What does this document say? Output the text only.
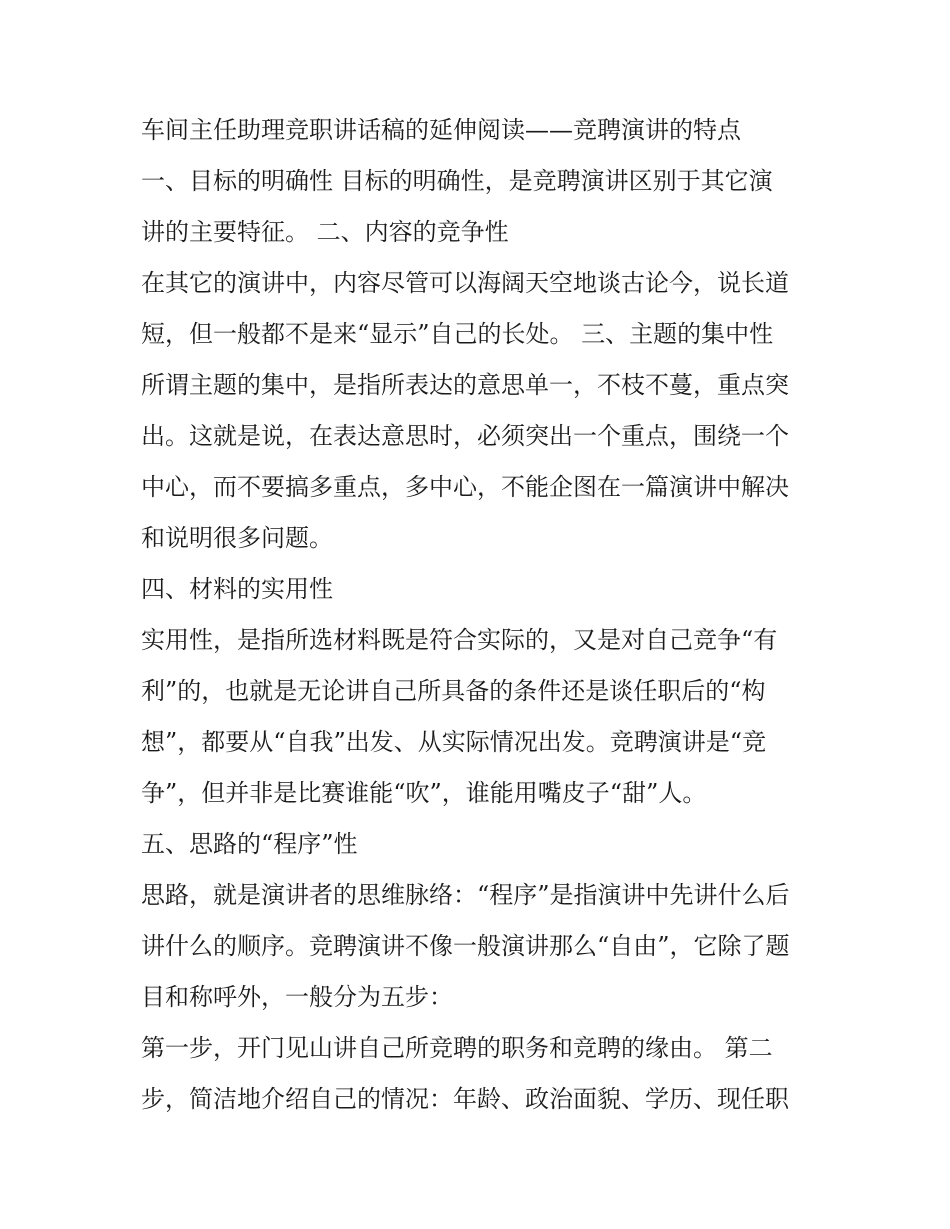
车间主任助理竞职讲话稿的延伸阅读——竞聘演讲的特点
一、目标的明确性 目标的明确性，是竞聘演讲区别于其它演
讲的主要特征。 二、内容的竞争性
在其它的演讲中，内容尽管可以海阔天空地谈古论今，说长道
短，但一般都不是来“显示”自己的长处。 三、主题的集中性
所谓主题的集中，是指所表达的意思单一，不枝不蔓，重点突
出。这就是说，在表达意思时，必须突出一个重点，围绕一个
中心，而不要搞多重点，多中心，不能企图在一篇演讲中解决
和说明很多问题。
四、材料的实用性
实用性，是指所选材料既是符合实际的，又是对自己竞争“有
利”的，也就是无论讲自己所具备的条件还是谈任职后的“构
想”，都要从“自我”出发、从实际情况出发。竞聘演讲是“竞
争”，但并非是比赛谁能“吹”，谁能用嘴皮子“甜”人。
五、思路的“程序”性
思路，就是演讲者的思维脉络：“程序”是指演讲中先讲什么后
讲什么的顺序。竞聘演讲不像一般演讲那么“自由”，它除了题
目和称呼外，一般分为五步：
第一步，开门见山讲自己所竞聘的职务和竞聘的缘由。 第二
步，简洁地介绍自己的情况：年龄、政治面貌、学历、现任职
